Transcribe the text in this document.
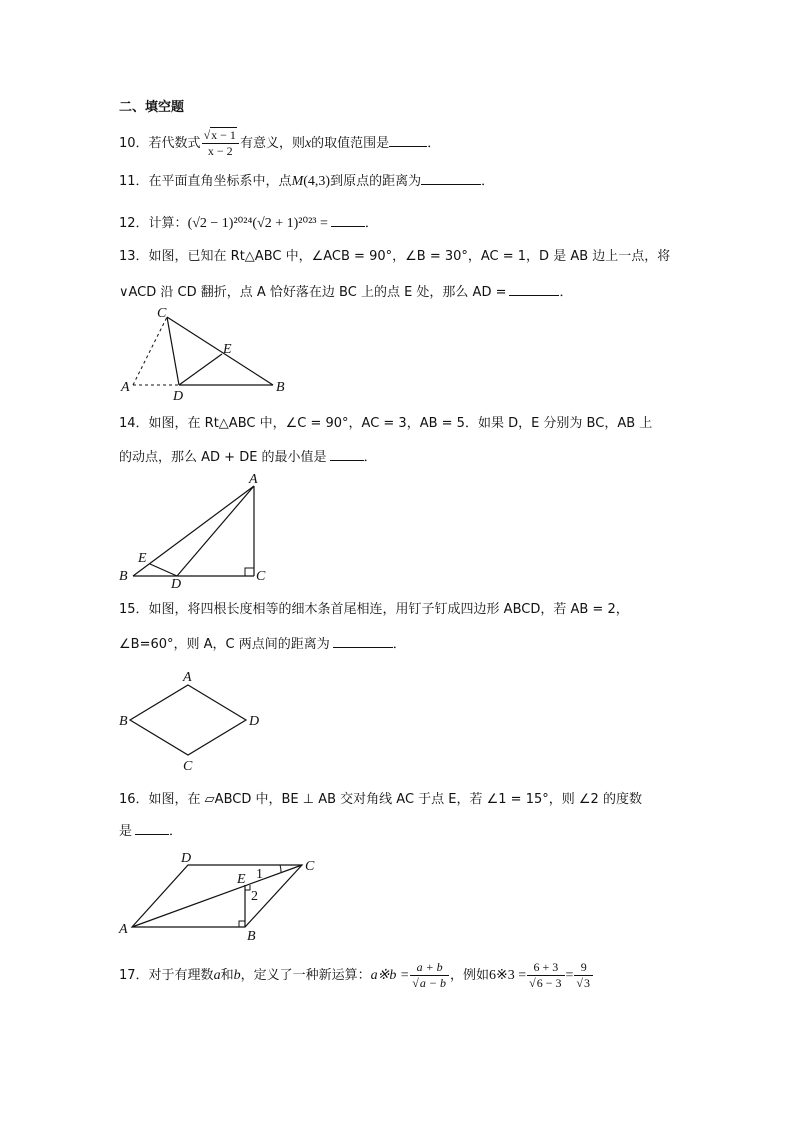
二、填空题
10．若代数式 $\frac{√x - 1}{x - 2}$ 有意义，则x的取值范围是	．
11．在平面直角坐标系中，点M(4,3)到原点的距离为	．
12．计算：(√2 − 1)²⁰²⁴(√2 + 1)²⁰²³ =	．
13．如图，已知在 Rt△ABC 中，∠ACB = 90°，∠B = 30°，AC = 1，D 是 AB 边上一点，将
∨ACD 沿 CD 翻折，点 A 恰好落在边 BC 上的点 E 处，那么 AD =	．
C
E
A
D
B
14．如图，在 Rt△ABC 中，∠C = 90°，AC = 3，AB = 5．如果 D，E 分别为 BC，AB 上
的动点，那么 AD + DE 的最小值是	．
A
E
B
D
C
15．如图，将四根长度相等的细木条首尾相连，用钉子钉成四边形 ABCD，若 AB = 2，
∠B=60°，则 A，C 两点间的距离为	．
A
B	D
C
16．如图，在 ▱ABCD 中，BE ⊥ AB 交对角线 AC 于点 E，若 ∠1 = 15°，则 ∠2 的度数
是	．
D
C
E 1
2
A	B
17．对于有理数a和b，定义了一种新运算：a※b = $\frac{a + b}{√a - b}$ ，例如6※3 = $\frac{6 + 3}{√6 - 3} = \frac{9}{√3}$
